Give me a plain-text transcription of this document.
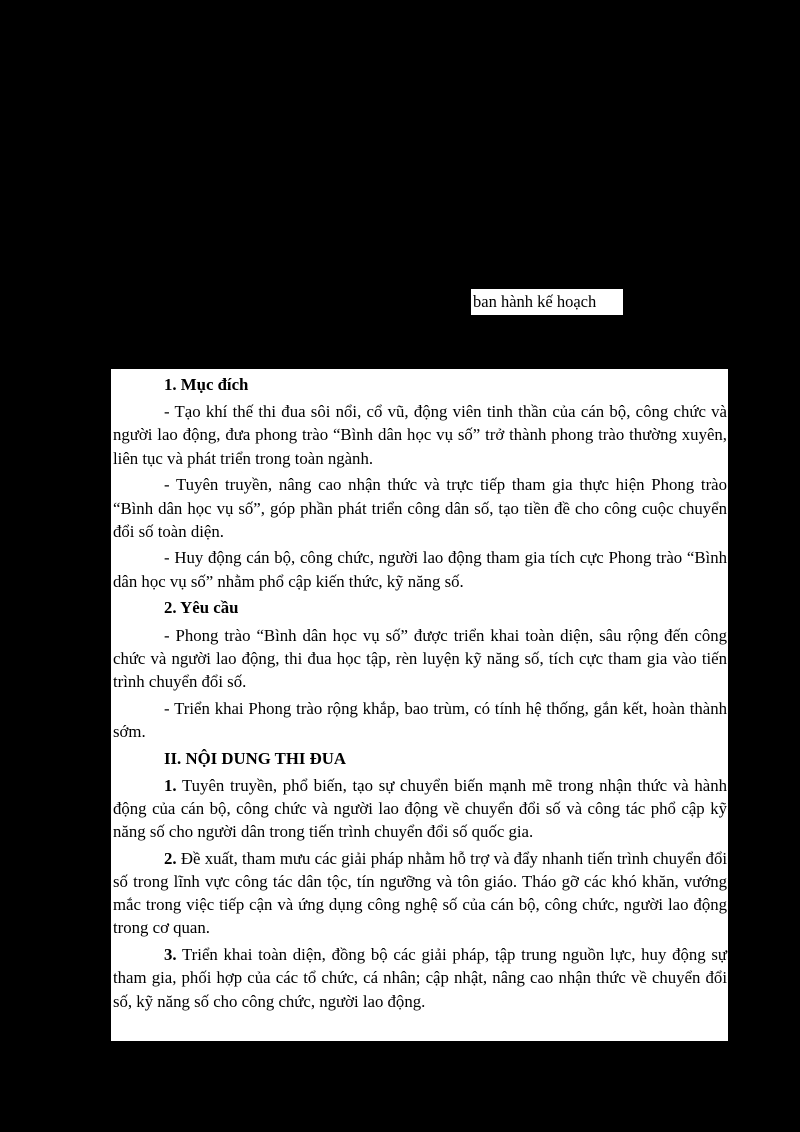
ban hành kế hoạch

1. Mục đích

- Tạo khí thế thi đua sôi nổi, cổ vũ, động viên tinh thần của cán bộ, công chức và người lao động, đưa phong trào “Bình dân học vụ số” trở thành phong trào thường xuyên, liên tục và phát triển trong toàn ngành.

- Tuyên truyền, nâng cao nhận thức và trực tiếp tham gia thực hiện Phong trào “Bình dân học vụ số”, góp phần phát triển công dân số, tạo tiền đề cho công cuộc chuyển đổi số toàn diện.

- Huy động cán bộ, công chức, người lao động tham gia tích cực Phong trào “Bình dân học vụ số” nhằm phổ cập kiến thức, kỹ năng số.

2. Yêu cầu

- Phong trào “Bình dân học vụ số” được triển khai toàn diện, sâu rộng đến công chức và người lao động, thi đua học tập, rèn luyện kỹ năng số, tích cực tham gia vào tiến trình chuyển đổi số.

- Triển khai Phong trào rộng khắp, bao trùm, có tính hệ thống, gắn kết, hoàn thành sớm.

II. NỘI DUNG THI ĐUA

1. Tuyên truyền, phổ biến, tạo sự chuyển biến mạnh mẽ trong nhận thức và hành động của cán bộ, công chức và người lao động về chuyển đổi số và công tác phổ cập kỹ năng số cho người dân trong tiến trình chuyển đổi số quốc gia.

2. Đề xuất, tham mưu các giải pháp nhằm hỗ trợ và đẩy nhanh tiến trình chuyển đổi số trong lĩnh vực công tác dân tộc, tín ngưỡng và tôn giáo. Tháo gỡ các khó khăn, vướng mắc trong việc tiếp cận và ứng dụng công nghệ số của cán bộ, công chức, người lao động trong cơ quan.

3. Triển khai toàn diện, đồng bộ các giải pháp, tập trung nguồn lực, huy động sự tham gia, phối hợp của các tổ chức, cá nhân; cập nhật, nâng cao nhận thức về chuyển đổi số, kỹ năng số cho công chức, người lao động.
